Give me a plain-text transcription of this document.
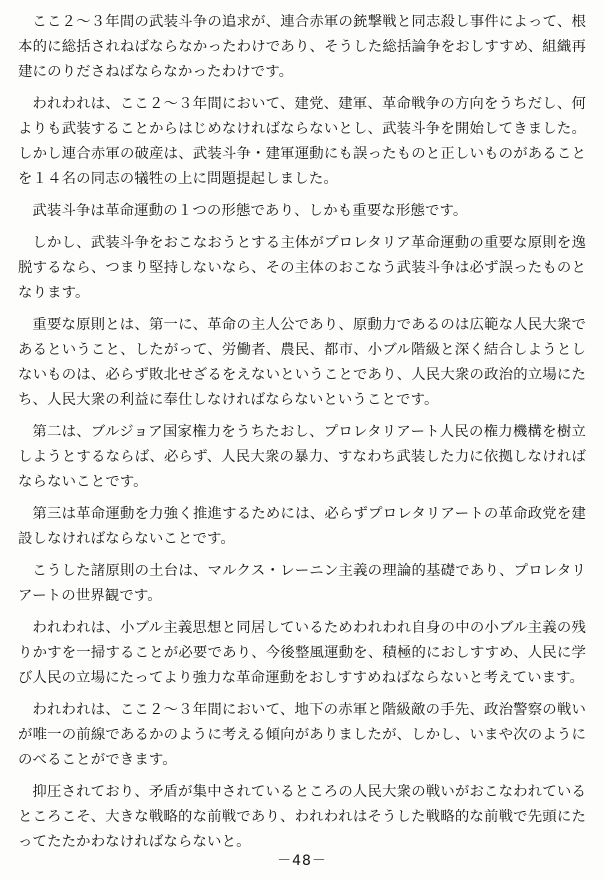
ここ２～３年間の武装斗争の追求が、連合赤軍の銃撃戦と同志殺し事件によって、根本的に総括されねばならなかったわけであり、そうした総括論争をおしすすめ、組織再建にのりださねばならなかったわけです。

われわれは、ここ２～３年間において、建党、建軍、革命戦争の方向をうちだし、何よりも武装することからはじめなければならないとし、武装斗争を開始してきました。しかし連合赤軍の破産は、武装斗争・建軍運動にも誤ったものと正しいものがあることを１４名の同志の犠牲の上に問題提起しました。

武装斗争は革命運動の１つの形態であり、しかも重要な形態です。

しかし、武装斗争をおこなおうとする主体がプロレタリア革命運動の重要な原則を逸脱するなら、つまり堅持しないなら、その主体のおこなう武装斗争は必ず誤ったものとなります。

重要な原則とは、第一に、革命の主人公であり、原動力であるのは広範な人民大衆であるということ、したがって、労働者、農民、都市、小ブル階級と深く結合しようとしないものは、必らず敗北せざるをえないということであり、人民大衆の政治的立場にたち、人民大衆の利益に奉仕しなければならないということです。

第二は、ブルジョア国家権力をうちたおし、プロレタリアート人民の権力機構を樹立しようとするならば、必らず、人民大衆の暴力、すなわち武装した力に依拠しなければならないことです。

第三は革命運動を力強く推進するためには、必らずプロレタリアートの革命政党を建設しなければならないことです。

こうした諸原則の土台は、マルクス・レーニン主義の理論的基礎であり、プロレタリアートの世界観です。

われわれは、小ブル主義思想と同居しているためわれわれ自身の中の小ブル主義の残りかすを一掃することが必要であり、今後整風運動を、積極的におしすすめ、人民に学び人民の立場にたってより強力な革命運動をおしすすめねばならないと考えています。

われわれは、ここ２～３年間において、地下の赤軍と階級敵の手先、政治警察の戦いが唯一の前線であるかのように考える傾向がありましたが、しかし、いまや次のようにのべることができます。

抑圧されており、矛盾が集中されているところの人民大衆の戦いがおこなわれているところこそ、大きな戦略的な前戦であり、われわれはそうした戦略的な前戦で先頭にたってたたかわなければならないと。

－48－
